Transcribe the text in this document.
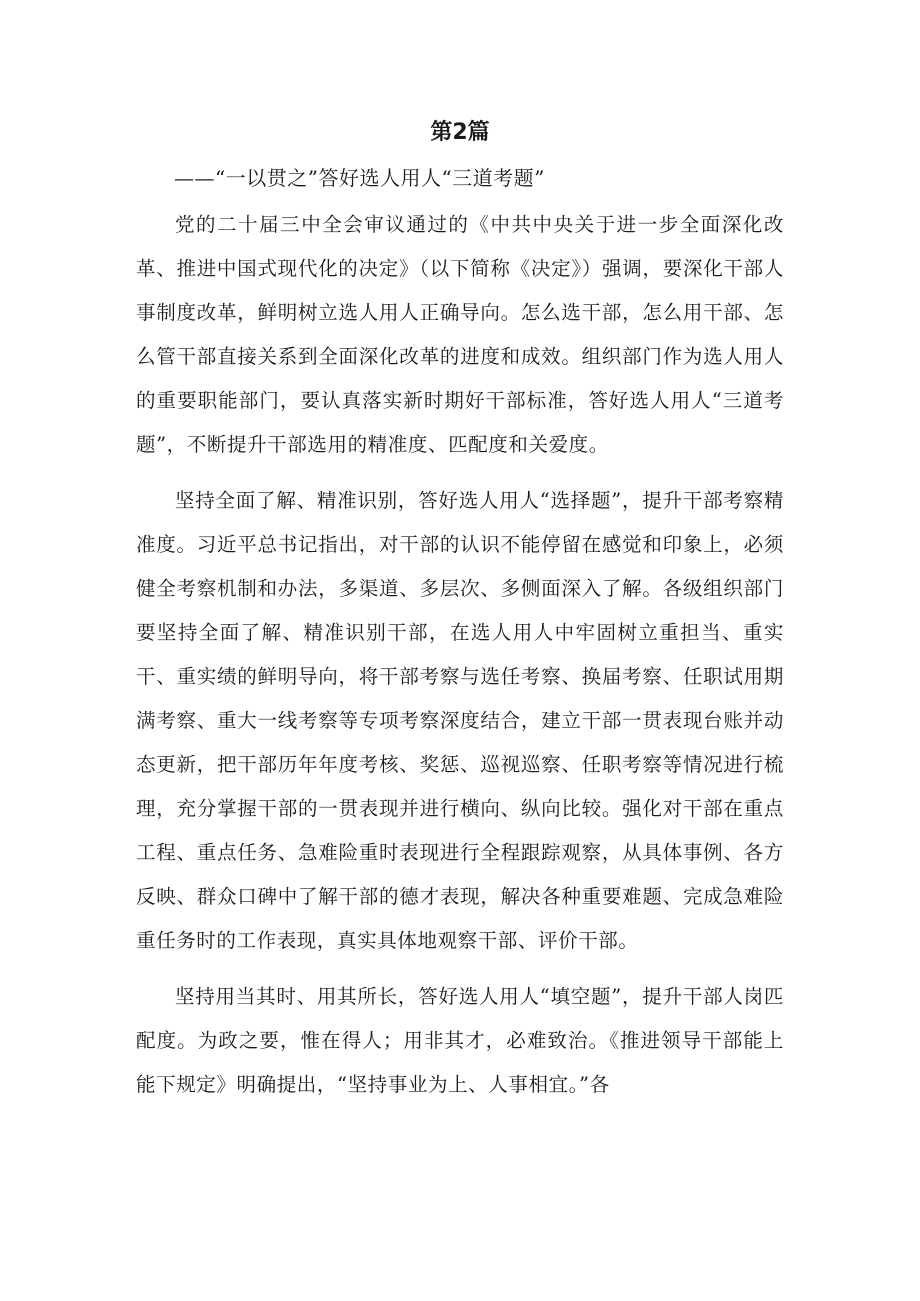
第2篇
——“一以贯之”答好选人用人“三道考题”

党的二十届三中全会审议通过的《中共中央关于进一步全面深化改革、推进中国式现代化的决定》（以下简称《决定》）强调，要深化干部人事制度改革，鲜明树立选人用人正确导向。怎么选干部，怎么用干部、怎么管干部直接关系到全面深化改革的进度和成效。组织部门作为选人用人的重要职能部门，要认真落实新时期好干部标准，答好选人用人“三道考题”，不断提升干部选用的精准度、匹配度和关爱度。

坚持全面了解、精准识别，答好选人用人“选择题”，提升干部考察精准度。习近平总书记指出，对干部的认识不能停留在感觉和印象上，必须健全考察机制和办法，多渠道、多层次、多侧面深入了解。各级组织部门要坚持全面了解、精准识别干部，在选人用人中牢固树立重担当、重实干、重实绩的鲜明导向，将干部考察与选任考察、换届考察、任职试用期满考察、重大一线考察等专项考察深度结合，建立干部一贯表现台账并动态更新，把干部历年年度考核、奖惩、巡视巡察、任职考察等情况进行梳理，充分掌握干部的一贯表现并进行横向、纵向比较。强化对干部在重点工程、重点任务、急难险重时表现进行全程跟踪观察，从具体事例、各方反映、群众口碑中了解干部的德才表现，解决各种重要难题、完成急难险重任务时的工作表现，真实具体地观察干部、评价干部。

坚持用当其时、用其所长，答好选人用人“填空题”，提升干部人岗匹配度。为政之要，惟在得人；用非其才，必难致治。《推进领导干部能上能下规定》明确提出，“坚持事业为上、人事相宜。”各
